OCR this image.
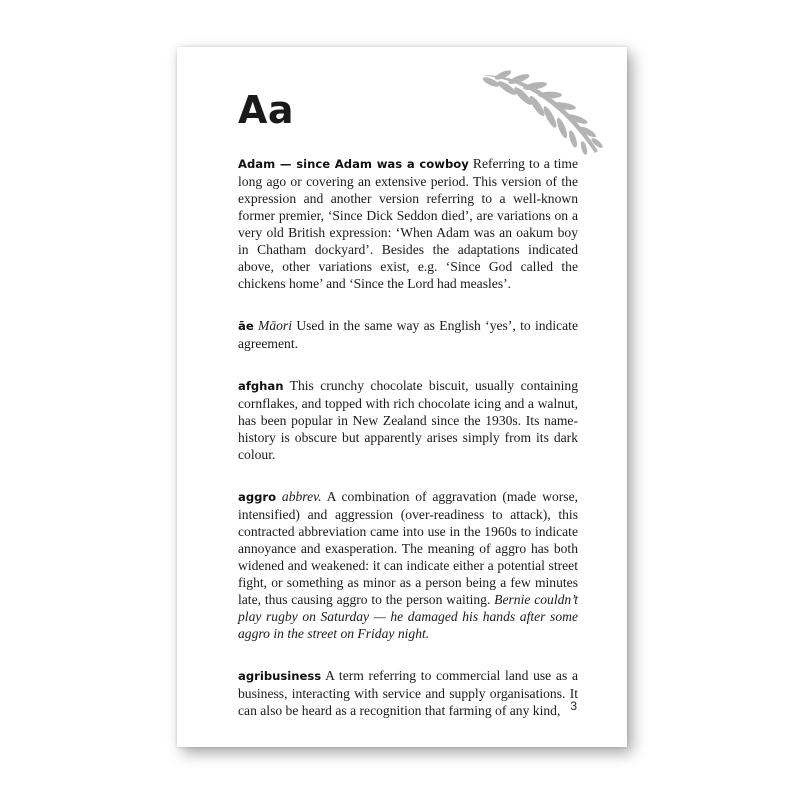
Aa

Adam — since Adam was a cowboy Referring to a time long ago or covering an extensive period. This version of the expression and another version referring to a well-known former premier, ‘Since Dick Seddon died’, are variations on a very old British expression: ‘When Adam was an oakum boy in Chatham dockyard’. Besides the adaptations indicated above, other variations exist, e.g. ‘Since God called the chickens home’ and ‘Since the Lord had measles’.

āe Māori Used in the same way as English ‘yes’, to indicate agreement.

afghan This crunchy chocolate biscuit, usually containing cornflakes, and topped with rich chocolate icing and a walnut, has been popular in New Zealand since the 1930s. Its name-history is obscure but apparently arises simply from its dark colour.

aggro abbrev. A combination of aggravation (made worse, intensified) and aggression (over-readiness to attack), this contracted abbreviation came into use in the 1960s to indicate annoyance and exasperation. The meaning of aggro has both widened and weakened: it can indicate either a potential street fight, or something as minor as a person being a few minutes late, thus causing aggro to the person waiting. Bernie couldn’t play rugby on Saturday — he damaged his hands after some aggro in the street on Friday night.

agribusiness A term referring to commercial land use as a business, interacting with service and supply organisations. It can also be heard as a recognition that farming of any kind, 3
